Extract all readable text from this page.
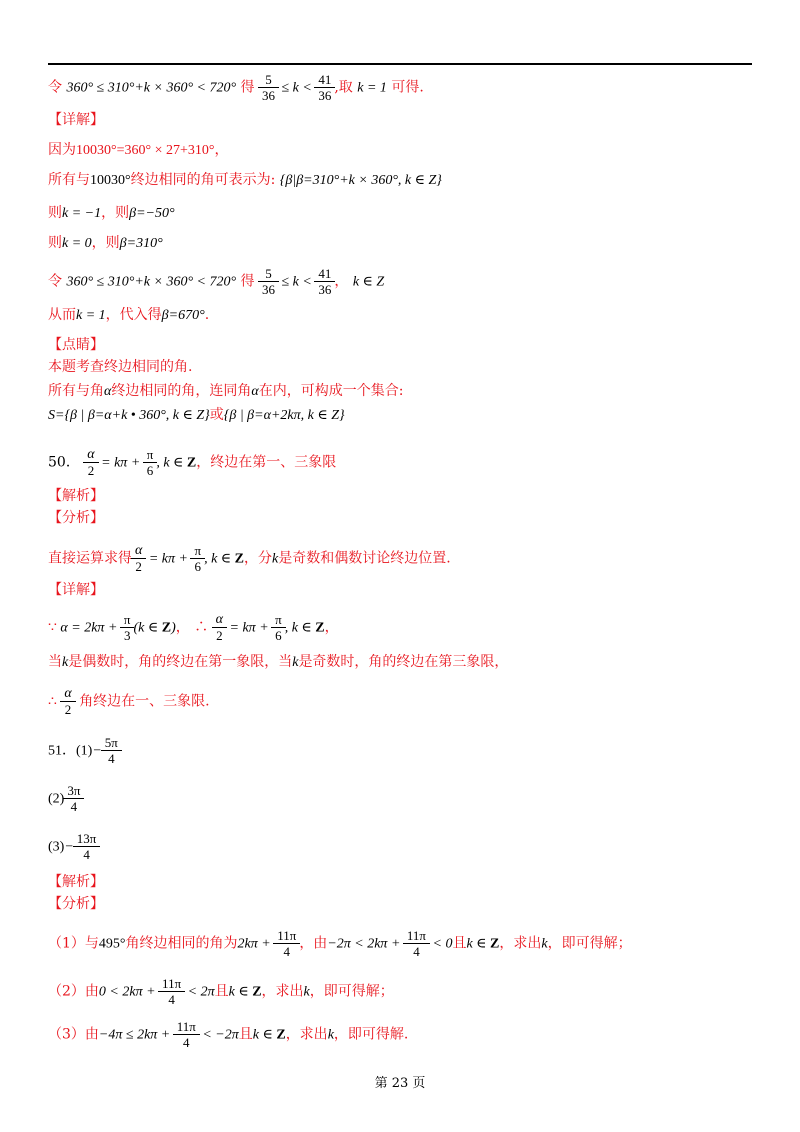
令 360° ≤ 310°+k × 360° < 720° 得 $\frac{5}{36} \le k < \frac{41}{36}$ ,取 k = 1 可得.
【详解】
因为10030°=360° × 27+310°，
所有与10030°终边相同的角可表示为: {β|β=310°+k × 360°, k ∈ Z}
则k = −1，则β=−50°
则k = 0，则β=310°
令 360° ≤ 310°+k × 360° < 720° 得 $\frac{5}{36} \le k < \frac{41}{36}$ ， k ∈ Z
从而k = 1，代入得β=670°.
【点睛】
本题考查终边相同的角.
所有与角α终边相同的角，连同角α在内，可构成一个集合:
S={β | β=α+k • 360°, k ∈ Z}或{β | β=α+2kπ, k ∈ Z}
50． $\frac{\alpha}{2} = k\pi + \frac{\pi}{6}$ , k ∈ Z，终边在第一、三象限
【解析】
【分析】
直接运算求得 $\frac{\alpha}{2} = k\pi + \frac{\pi}{6}$ , k ∈ Z，分k是奇数和偶数讨论终边位置.
【详解】
∵ $\alpha = 2k\pi + \frac{\pi}{3} (k$ ∈ Z)， ∴ $\frac{\alpha}{2} = k\pi + \frac{\pi}{6}$ , k ∈ Z，
当k是偶数时，角的终边在第一象限，当k是奇数时，角的终边在第三象限，
∴ $\frac{\alpha}{2}$ 角终边在一、三象限.
51．$(1)- \frac{5\pi}{4}$
$(2) \frac{3\pi}{4}$
$(3)- \frac{13\pi}{4}$
【解析】
【分析】
（1）与495°角终边相同的角为$2k\pi + \frac{11\pi}{4}$ ，由$-2\pi < 2k\pi + \frac{11\pi}{4} < 0$且k ∈ Z，求出k，即可得解；
（2）由$0 < 2k\pi + \frac{11\pi}{4} < 2\pi$且k ∈ Z，求出k，即可得解；
（3）由$-4\pi \le 2k\pi + \frac{11\pi}{4} < -2\pi$且k ∈ Z，求出k，即可得解.
第 23 页
